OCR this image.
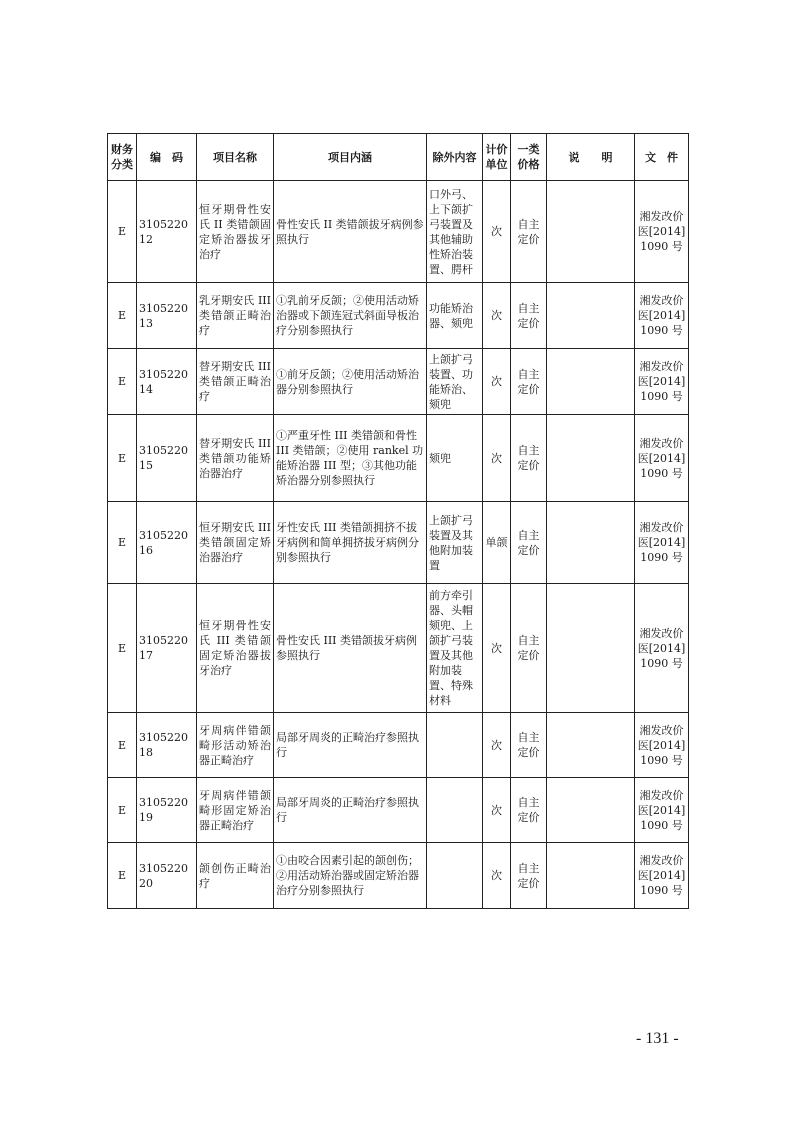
财务分类	编　码	项目名称	项目内涵	除外内容	计价单位	一类价格	说　　明	文　件
E	310522012	恒牙期骨性安氏 II 类错颌固定矫治器拔牙治疗	骨性安氏 II 类错颌拔牙病例参照执行	口外弓、上下颌扩弓装置及其他辅助性矫治装置、腭杆	次	自主定价		湘发改价医[2014]1090 号
E	310522013	乳牙期安氏 III 类错颌正畸治疗	①乳前牙反颌；②使用活动矫治器或下颌连冠式斜面导板治疗分别参照执行	功能矫治器、颏兜	次	自主定价		湘发改价医[2014]1090 号
E	310522014	替牙期安氏 III 类错颌正畸治疗	①前牙反颌；②使用活动矫治器分别参照执行	上颌扩弓装置、功能矫治、颏兜	次	自主定价		湘发改价医[2014]1090 号
E	310522015	替牙期安氏 III 类错颌功能矫治器治疗	①严重牙性 III 类错颌和骨性 III 类错颌；②使用 rankel 功能矫治器 III 型；③其他功能矫治器分别参照执行	颏兜	次	自主定价		湘发改价医[2014]1090 号
E	310522016	恒牙期安氏 III 类错颌固定矫治器治疗	牙性安氏 III 类错颌拥挤不拔牙病例和简单拥挤拔牙病例分别参照执行	上颌扩弓装置及其他附加装置	单颌	自主定价		湘发改价医[2014]1090 号
E	310522017	恒牙期骨性安氏 III 类错颌固定矫治器拔牙治疗	骨性安氏 III 类错颌拔牙病例参照执行	前方牵引器、头帽颏兜、上颌扩弓装置及其他附加装置、特殊材料	次	自主定价		湘发改价医[2014]1090 号
E	310522018	牙周病伴错颌畸形活动矫治器正畸治疗	局部牙周炎的正畸治疗参照执行		次	自主定价		湘发改价医[2014]1090 号
E	310522019	牙周病伴错颌畸形固定矫治器正畸治疗	局部牙周炎的正畸治疗参照执行		次	自主定价		湘发改价医[2014]1090 号
E	310522020	颌创伤正畸治疗	①由咬合因素引起的颌创伤；②用活动矫治器或固定矫治器治疗分别参照执行		次	自主定价		湘发改价医[2014]1090 号
- 131 -
